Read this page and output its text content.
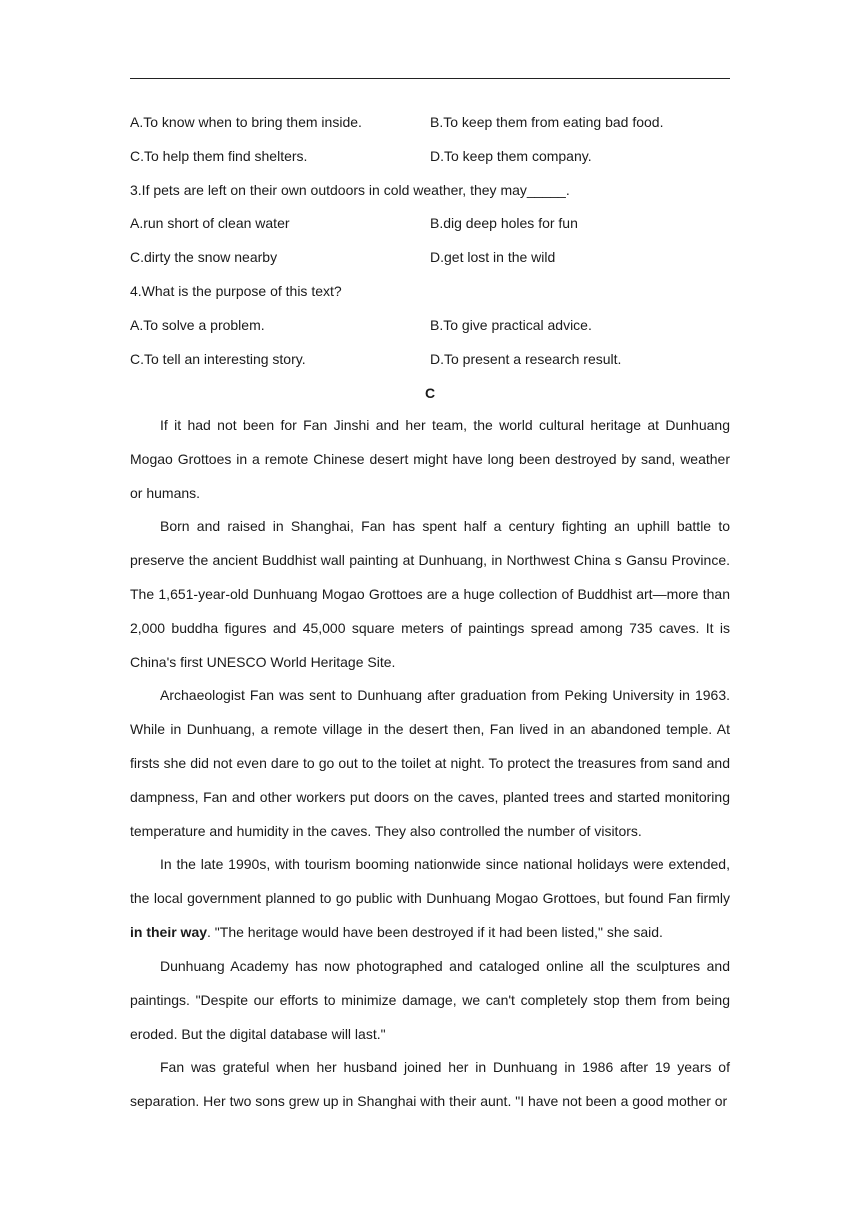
A.To know when to bring them inside.	B.To keep them from eating bad food.
C.To help them find shelters.	D.To keep them company.
3.If pets are left on their own outdoors in cold weather, they may_____.
A.run short of clean water	B.dig deep holes for fun
C.dirty the snow nearby	D.get lost in the wild
4.What is the purpose of this text?
A.To solve a problem.	B.To give practical advice.
C.To tell an interesting story.	D.To present a research result.
C
If it had not been for Fan Jinshi and her team, the world cultural heritage at Dunhuang Mogao Grottoes in a remote Chinese desert might have long been destroyed by sand, weather or humans.
Born and raised in Shanghai, Fan has spent half a century fighting an uphill battle to preserve the ancient Buddhist wall painting at Dunhuang, in Northwest China s Gansu Province. The 1,651-year-old Dunhuang Mogao Grottoes are a huge collection of Buddhist art—more than 2,000 buddha figures and 45,000 square meters of paintings spread among 735 caves. It is China's first UNESCO World Heritage Site.
Archaeologist Fan was sent to Dunhuang after graduation from Peking University in 1963. While in Dunhuang, a remote village in the desert then, Fan lived in an abandoned temple. At firsts she did not even dare to go out to the toilet at night. To protect the treasures from sand and dampness, Fan and other workers put doors on the caves, planted trees and started monitoring temperature and humidity in the caves. They also controlled the number of visitors.
In the late 1990s, with tourism booming nationwide since national holidays were extended, the local government planned to go public with Dunhuang Mogao Grottoes, but found Fan firmly in their way. "The heritage would have been destroyed if it had been listed," she said.
Dunhuang Academy has now photographed and cataloged online all the sculptures and paintings. "Despite our efforts to minimize damage, we can't completely stop them from being eroded. But the digital database will last."
Fan was grateful when her husband joined her in Dunhuang in 1986 after 19 years of separation. Her two sons grew up in Shanghai with their aunt. "I have not been a good mother or
